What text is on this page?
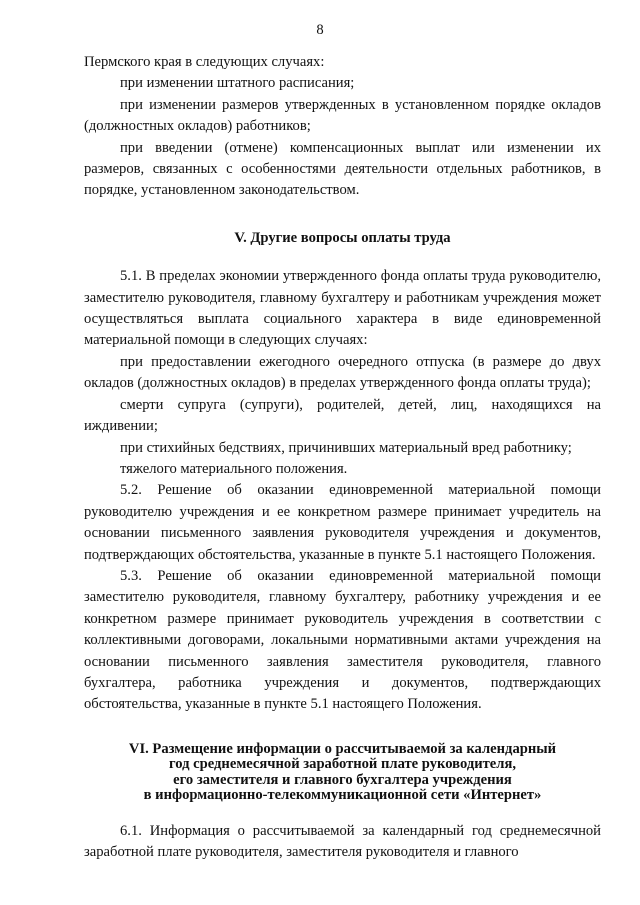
8

Пермского края в следующих случаях:

при изменении штатного расписания;

при изменении размеров утвержденных в установленном порядке окладов (должностных окладов) работников;

при введении (отмене) компенсационных выплат или изменении их размеров, связанных с особенностями деятельности отдельных работников, в порядке, установленном законодательством.

V. Другие вопросы оплаты труда

5.1. В пределах экономии утвержденного фонда оплаты труда руководителю, заместителю руководителя, главному бухгалтеру и работникам учреждения может осуществляться выплата социального характера в виде единовременной материальной помощи в следующих случаях:

при предоставлении ежегодного очередного отпуска (в размере до двух окладов (должностных окладов) в пределах утвержденного фонда оплаты труда);

смерти супруга (супруги), родителей, детей, лиц, находящихся на иждивении;

при стихийных бедствиях, причинивших материальный вред работнику;

тяжелого материального положения.

5.2. Решение об оказании единовременной материальной помощи руководителю учреждения и ее конкретном размере принимает учредитель на основании письменного заявления руководителя учреждения и документов, подтверждающих обстоятельства, указанные в пункте 5.1 настоящего Положения.

5.3. Решение об оказании единовременной материальной помощи заместителю руководителя, главному бухгалтеру, работнику учреждения и ее конкретном размере принимает руководитель учреждения в соответствии с коллективными договорами, локальными нормативными актами учреждения на основании письменного заявления заместителя руководителя, главного бухгалтера, работника учреждения и документов, подтверждающих обстоятельства, указанные в пункте 5.1 настоящего Положения.

VI. Размещение информации о рассчитываемой за календарный
год среднемесячной заработной плате руководителя,
его заместителя и главного бухгалтера учреждения
в информационно-телекоммуникационной сети «Интернет»

6.1. Информация о рассчитываемой за календарный год среднемесячной заработной плате руководителя, заместителя руководителя и главного
